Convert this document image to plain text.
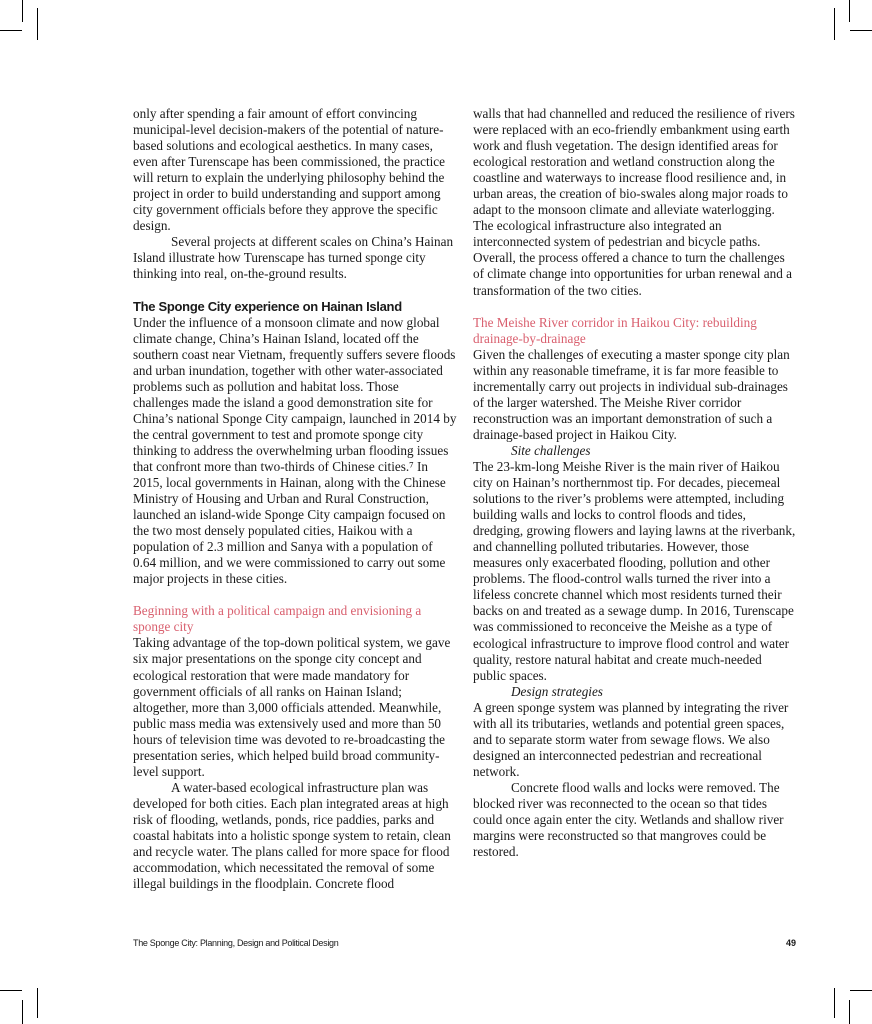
only after spending a fair amount of effort convincing municipal-level decision-makers of the potential of nature-based solutions and ecological aesthetics. In many cases, even after Turenscape has been commissioned, the practice will return to explain the underlying philosophy behind the project in order to build understanding and support among city government officials before they approve the specific design.

Several projects at different scales on China’s Hainan Island illustrate how Turenscape has turned sponge city thinking into real, on-the-ground results.

The Sponge City experience on Hainan Island

Under the influence of a monsoon climate and now global climate change, China’s Hainan Island, located off the southern coast near Vietnam, frequently suffers severe floods and urban inundation, together with other water-associated problems such as pollution and habitat loss. Those challenges made the island a good demonstration site for China’s national Sponge City campaign, launched in 2014 by the central government to test and promote sponge city thinking to address the overwhelming urban flooding issues that confront more than two-thirds of Chinese cities.⁷ In 2015, local governments in Hainan, along with the Chinese Ministry of Housing and Urban and Rural Construction, launched an island-wide Sponge City campaign focused on the two most densely populated cities, Haikou with a population of 2.3 million and Sanya with a population of 0.64 million, and we were commissioned to carry out some major projects in these cities.

Beginning with a political campaign and envisioning a sponge city

Taking advantage of the top-down political system, we gave six major presentations on the sponge city concept and ecological restoration that were made mandatory for government officials of all ranks on Hainan Island; altogether, more than 3,000 officials attended. Meanwhile, public mass media was extensively used and more than 50 hours of television time was devoted to re-broadcasting the presentation series, which helped build broad community-level support.

A water-based ecological infrastructure plan was developed for both cities. Each plan integrated areas at high risk of flooding, wetlands, ponds, rice paddies, parks and coastal habitats into a holistic sponge system to retain, clean and recycle water. The plans called for more space for flood accommodation, which necessitated the removal of some illegal buildings in the floodplain. Concrete flood

walls that had channelled and reduced the resilience of rivers were replaced with an eco-friendly embankment using earth work and flush vegetation. The design identified areas for ecological restoration and wetland construction along the coastline and waterways to increase flood resilience and, in urban areas, the creation of bio-swales along major roads to adapt to the monsoon climate and alleviate waterlogging. The ecological infrastructure also integrated an interconnected system of pedestrian and bicycle paths. Overall, the process offered a chance to turn the challenges of climate change into opportunities for urban renewal and a transformation of the two cities.

The Meishe River corridor in Haikou City: rebuilding drainage-by-drainage

Given the challenges of executing a master sponge city plan within any reasonable timeframe, it is far more feasible to incrementally carry out projects in individual sub-drainages of the larger watershed. The Meishe River corridor reconstruction was an important demonstration of such a drainage-based project in Haikou City.

Site challenges

The 23-km-long Meishe River is the main river of Haikou city on Hainan’s northernmost tip. For decades, piecemeal solutions to the river’s problems were attempted, including building walls and locks to control floods and tides, dredging, growing flowers and laying lawns at the riverbank, and channelling polluted tributaries. However, those measures only exacerbated flooding, pollution and other problems. The flood-control walls turned the river into a lifeless concrete channel which most residents turned their backs on and treated as a sewage dump. In 2016, Turenscape was commissioned to reconceive the Meishe as a type of ecological infrastructure to improve flood control and water quality, restore natural habitat and create much-needed public spaces.

Design strategies

A green sponge system was planned by integrating the river with all its tributaries, wetlands and potential green spaces, and to separate storm water from sewage flows. We also designed an interconnected pedestrian and recreational network.

Concrete flood walls and locks were removed. The blocked river was reconnected to the ocean so that tides could once again enter the city. Wetlands and shallow river margins were reconstructed so that mangroves could be restored.

The Sponge City: Planning, Design and Political Design	49
